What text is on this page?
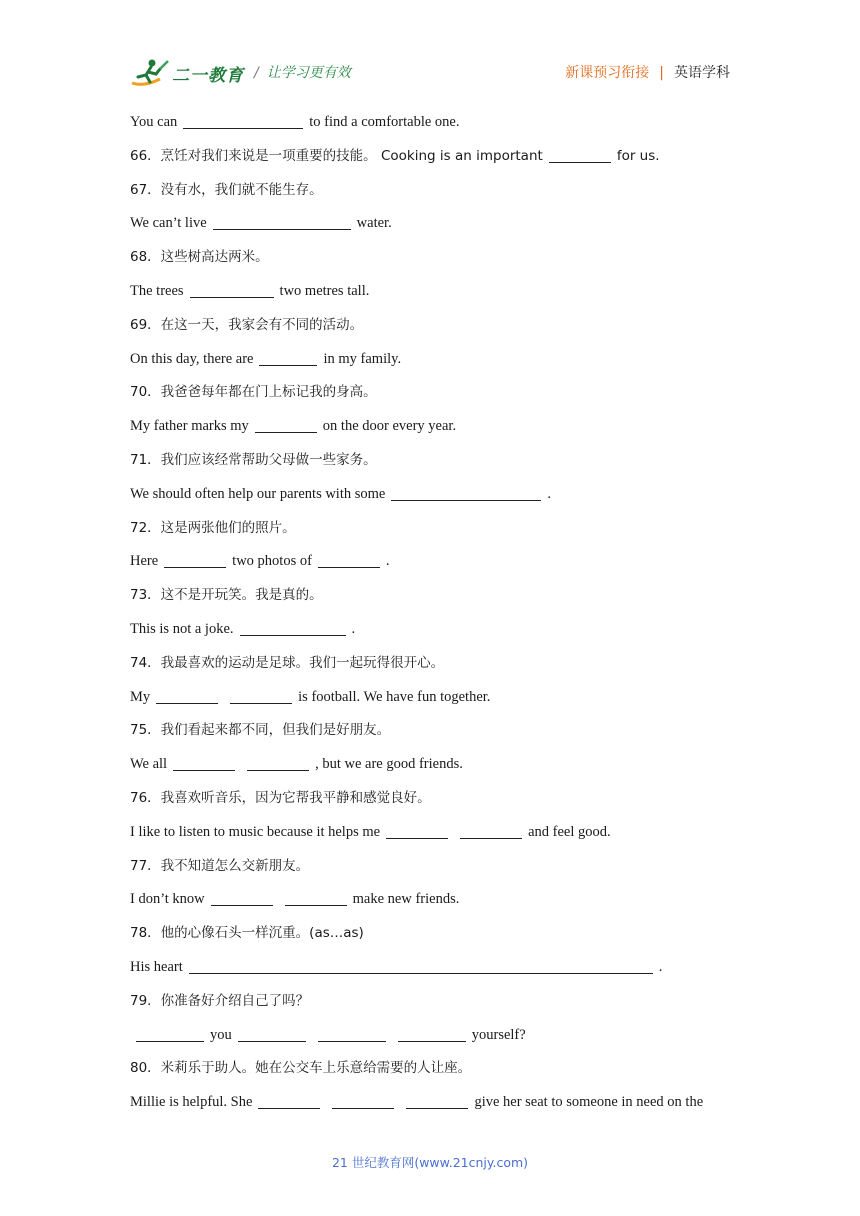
二一教育 / 让学习更有效	新课预习衔接 | 英语学科
You can	to find a comfortable one.
66．烹饪对我们来说是一项重要的技能。 Cooking is an important	for us.
67．没有水，我们就不能生存。
We can’t live	water.
68．这些树高达两米。
The trees	two metres tall.
69．在这一天，我家会有不同的活动。
On this day, there are	in my family.
70．我爸爸每年都在门上标记我的身高。
My father marks my	on the door every year.
71．我们应该经常帮助父母做一些家务。
We should often help our parents with some	.
72．这是两张他们的照片。
Here	two photos of	.
73．这不是开玩笑。我是真的。
This is not a joke.	.
74．我最喜欢的运动是足球。我们一起玩得很开心。
My	is football. We have fun together.
75．我们看起来都不同，但我们是好朋友。
We all	, but we are good friends.
76．我喜欢听音乐，因为它帮我平静和感觉良好。
I like to listen to music because it helps me	and feel good.
77．我不知道怎么交新朋友。
I don’t know	make new friends.
78．他的心像石头一样沉重。(as…as)
His heart	.
79．你准备好介绍自己了吗？
you	yourself?
80．米莉乐于助人。她在公交车上乐意给需要的人让座。
Millie is helpful. She	give her seat to someone in need on the
21 世纪教育网(www.21cnjy.com)
